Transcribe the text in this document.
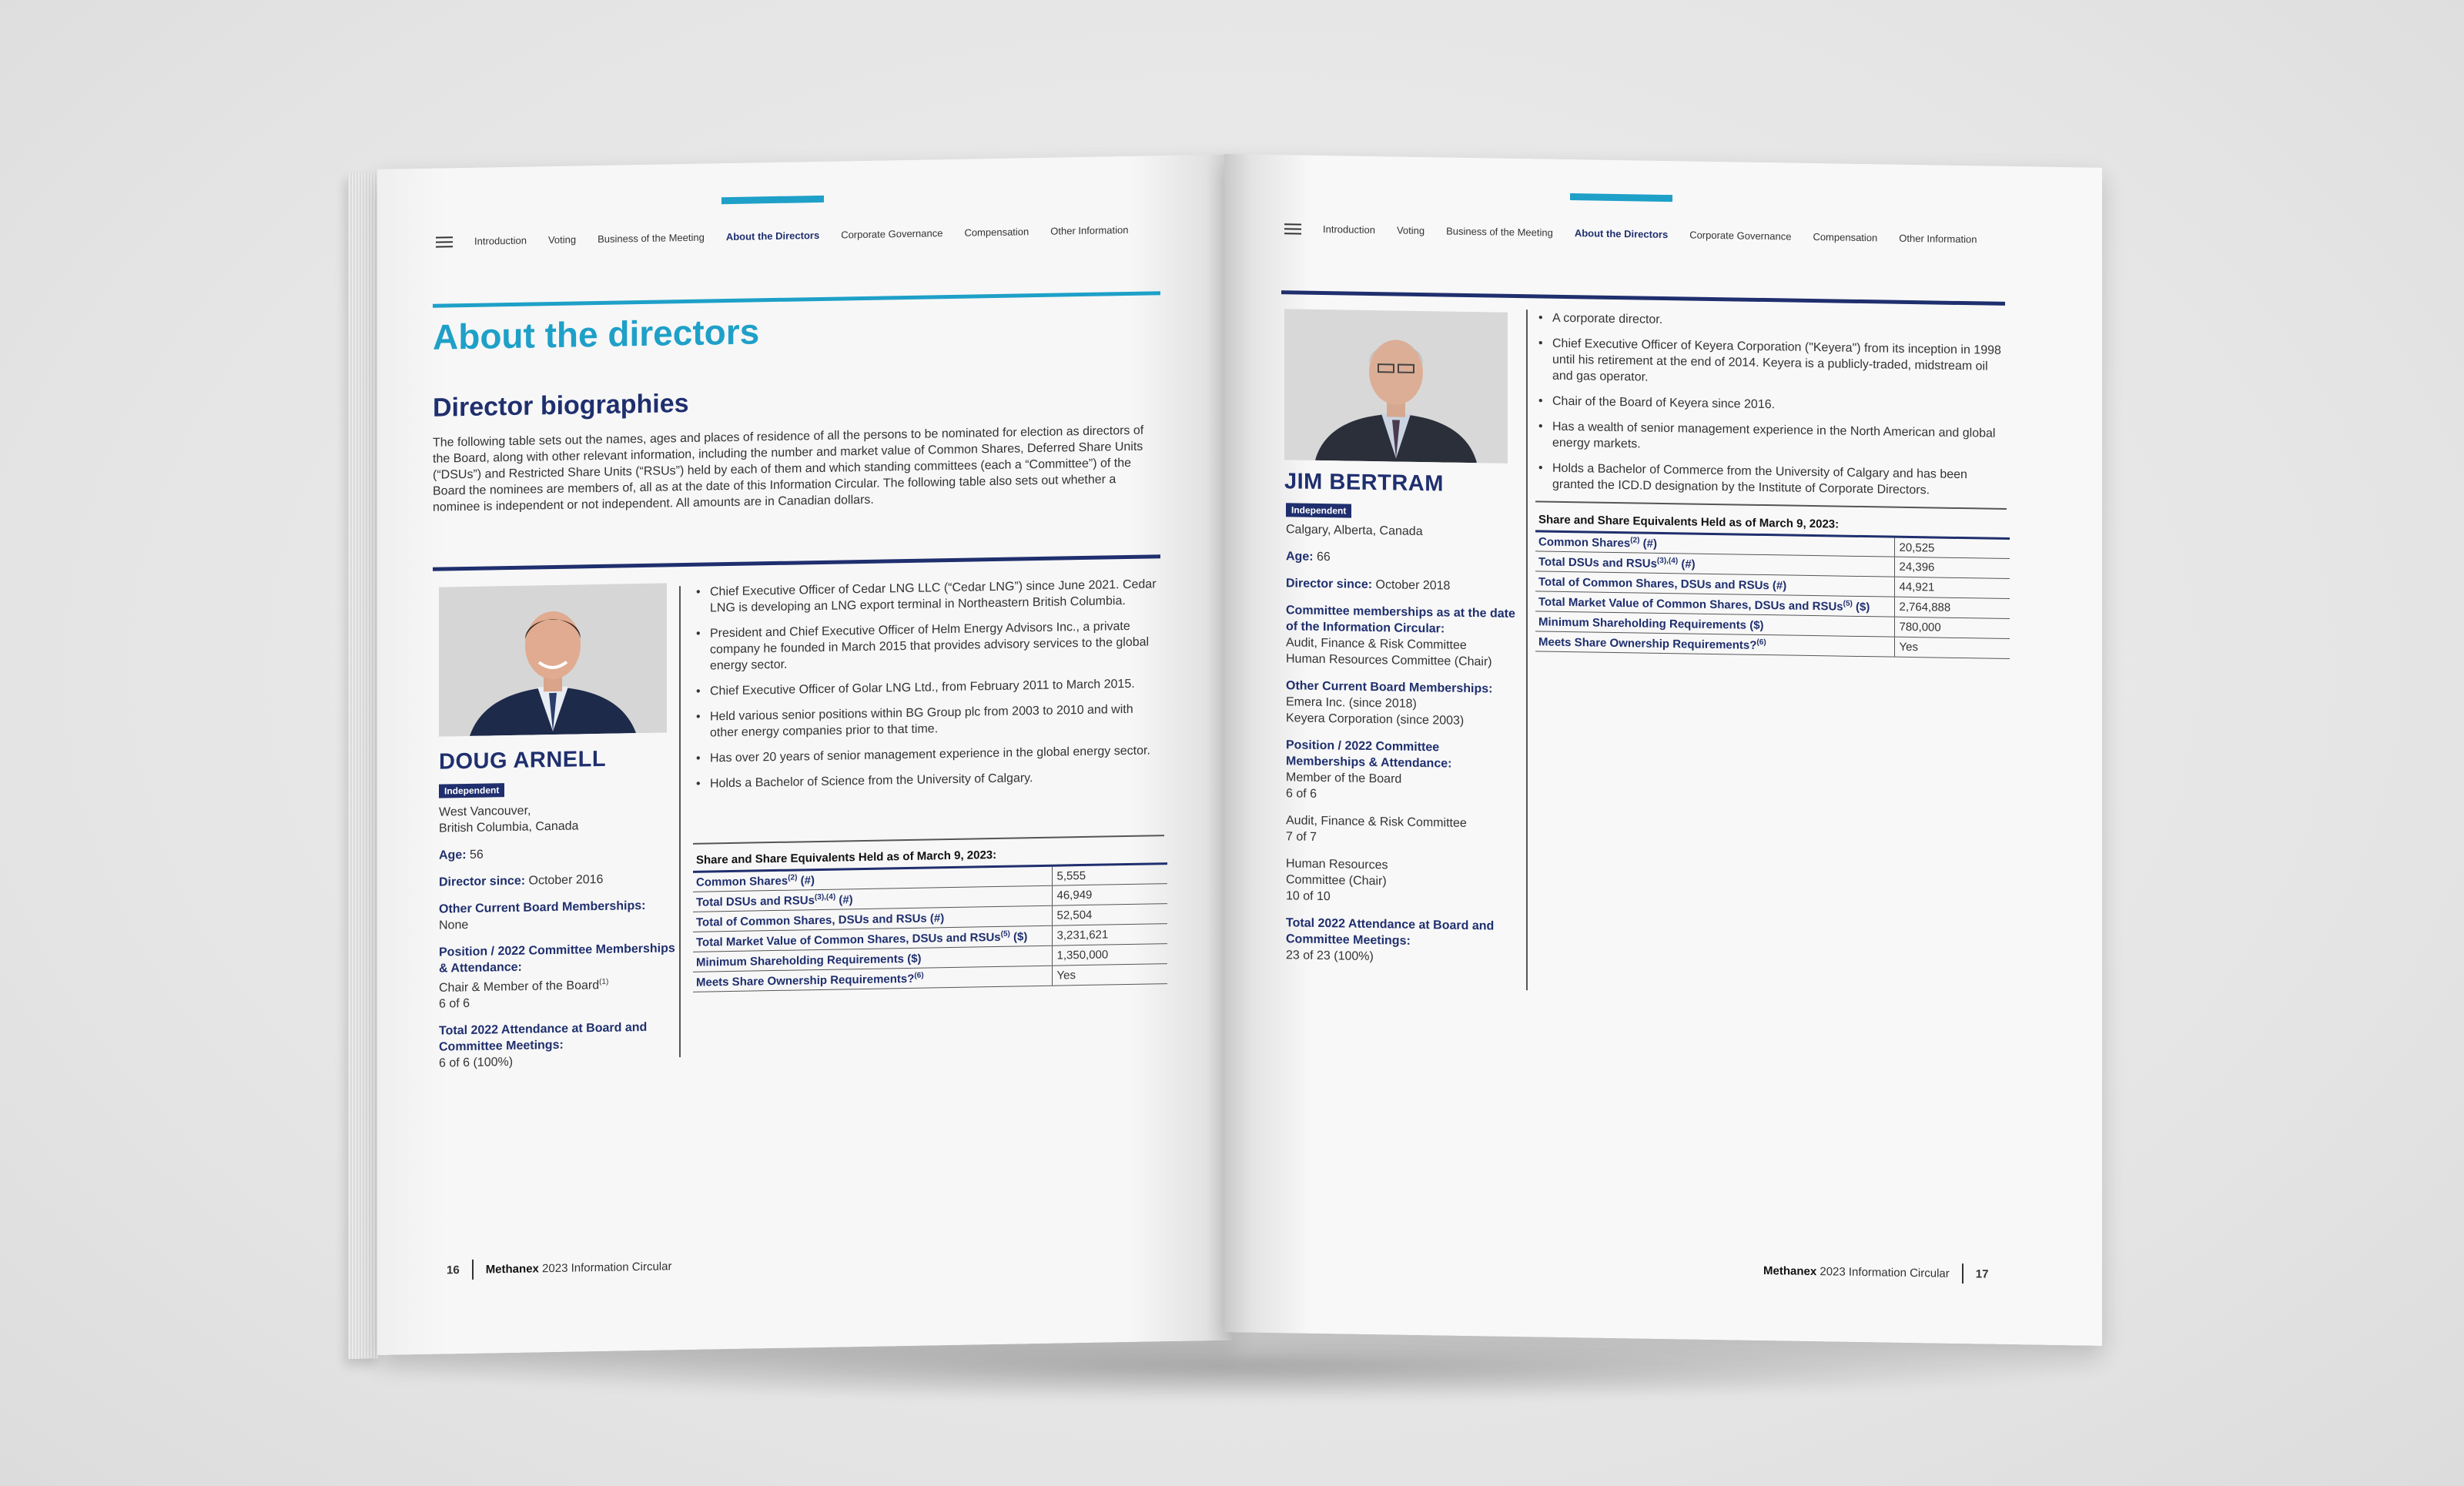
Introduction Voting Business of the Meeting About the Directors Corporate Governance Compensation Other Information
About the directors
Director biographies
The following table sets out the names, ages and places of residence of all the persons to be nominated for election as directors of the Board, along with other relevant information, including the number and market value of Common Shares, Deferred Share Units (“DSUs”) and Restricted Share Units (“RSUs”) held by each of them and which standing committees (each a “Committee”) of the Board the nominees are members of, all as at the date of this Information Circular. The following table also sets out whether a nominee is independent or not independent. All amounts are in Canadian dollars.
DOUG ARNELL
Independent

West Vancouver,
British Columbia, Canada

Age: 56

Director since: October 2016

Other Current Board Memberships: None

Position / 2022 Committee Memberships & Attendance:
Chair & Member of the Board$^{(1)}$
6 of 6

Total 2022 Attendance at Board and Committee Meetings:
6 of 6 (100%)

• Chief Executive Officer of Cedar LNG LLC (“Cedar LNG”) since June 2021. Cedar LNG is developing an LNG export terminal in Northeastern British Columbia.
• President and Chief Executive Officer of Helm Energy Advisors Inc., a private company he founded in March 2015 that provides advisory services to the global energy sector.
• Chief Executive Officer of Golar LNG Ltd., from February 2011 to March 2015.
• Held various senior positions within BG Group plc from 2003 to 2010 and with other energy companies prior to that time.
• Has over 20 years of senior management experience in the global energy sector.
• Holds a Bachelor of Science from the University of Calgary.
Share and Share Equivalents Held as of March 9, 2023:
Common Shares$^{(2)}$ (#)	5,555
Total DSUs and RSUs$^{(3),(4)}$ (#)	46,949
Total of Common Shares, DSUs and RSUs (#)	52,504
Total Market Value of Common Shares, DSUs and RSUs$^{(5)}$ ($)	3,231,621
Minimum Shareholding Requirements ($)	1,350,000
Meets Share Ownership Requirements?$^{(6)}$	Yes
16 Methanex 2023 Information Circular
Introduction Voting Business of the Meeting About the Directors Corporate Governance Compensation Other Information
JIM BERTRAM
Independent

Calgary, Alberta, Canada

Age: 66

Director since: October 2018

Committee memberships as at the date of the Information Circular:
Audit, Finance & Risk Committee
Human Resources Committee (Chair)

Other Current Board Memberships:
Emera Inc. (since 2018)
Keyera Corporation (since 2003)

Position / 2022 Committee Memberships & Attendance:
Member of the Board
6 of 6

Audit, Finance & Risk Committee
7 of 7

Human Resources
Committee (Chair)
10 of 10

Total 2022 Attendance at Board and Committee Meetings:
23 of 23 (100%)

• A corporate director.
• Chief Executive Officer of Keyera Corporation ("Keyera") from its inception in 1998 until his retirement at the end of 2014. Keyera is a publicly-traded, midstream oil and gas operator.
• Chair of the Board of Keyera since 2016.
• Has a wealth of senior management experience in the North American and global energy markets.
• Holds a Bachelor of Commerce from the University of Calgary and has been granted the ICD.D designation by the Institute of Corporate Directors.
Share and Share Equivalents Held as of March 9, 2023:
Common Shares$^{(2)}$ (#)	20,525
Total DSUs and RSUs$^{(3),(4)}$ (#)	24,396
Total of Common Shares, DSUs and RSUs (#)	44,921
Total Market Value of Common Shares, DSUs and RSUs$^{(5)}$ ($)	2,764,888
Minimum Shareholding Requirements ($)	780,000
Meets Share Ownership Requirements?$^{(6)}$	Yes
Methanex 2023 Information Circular 17
